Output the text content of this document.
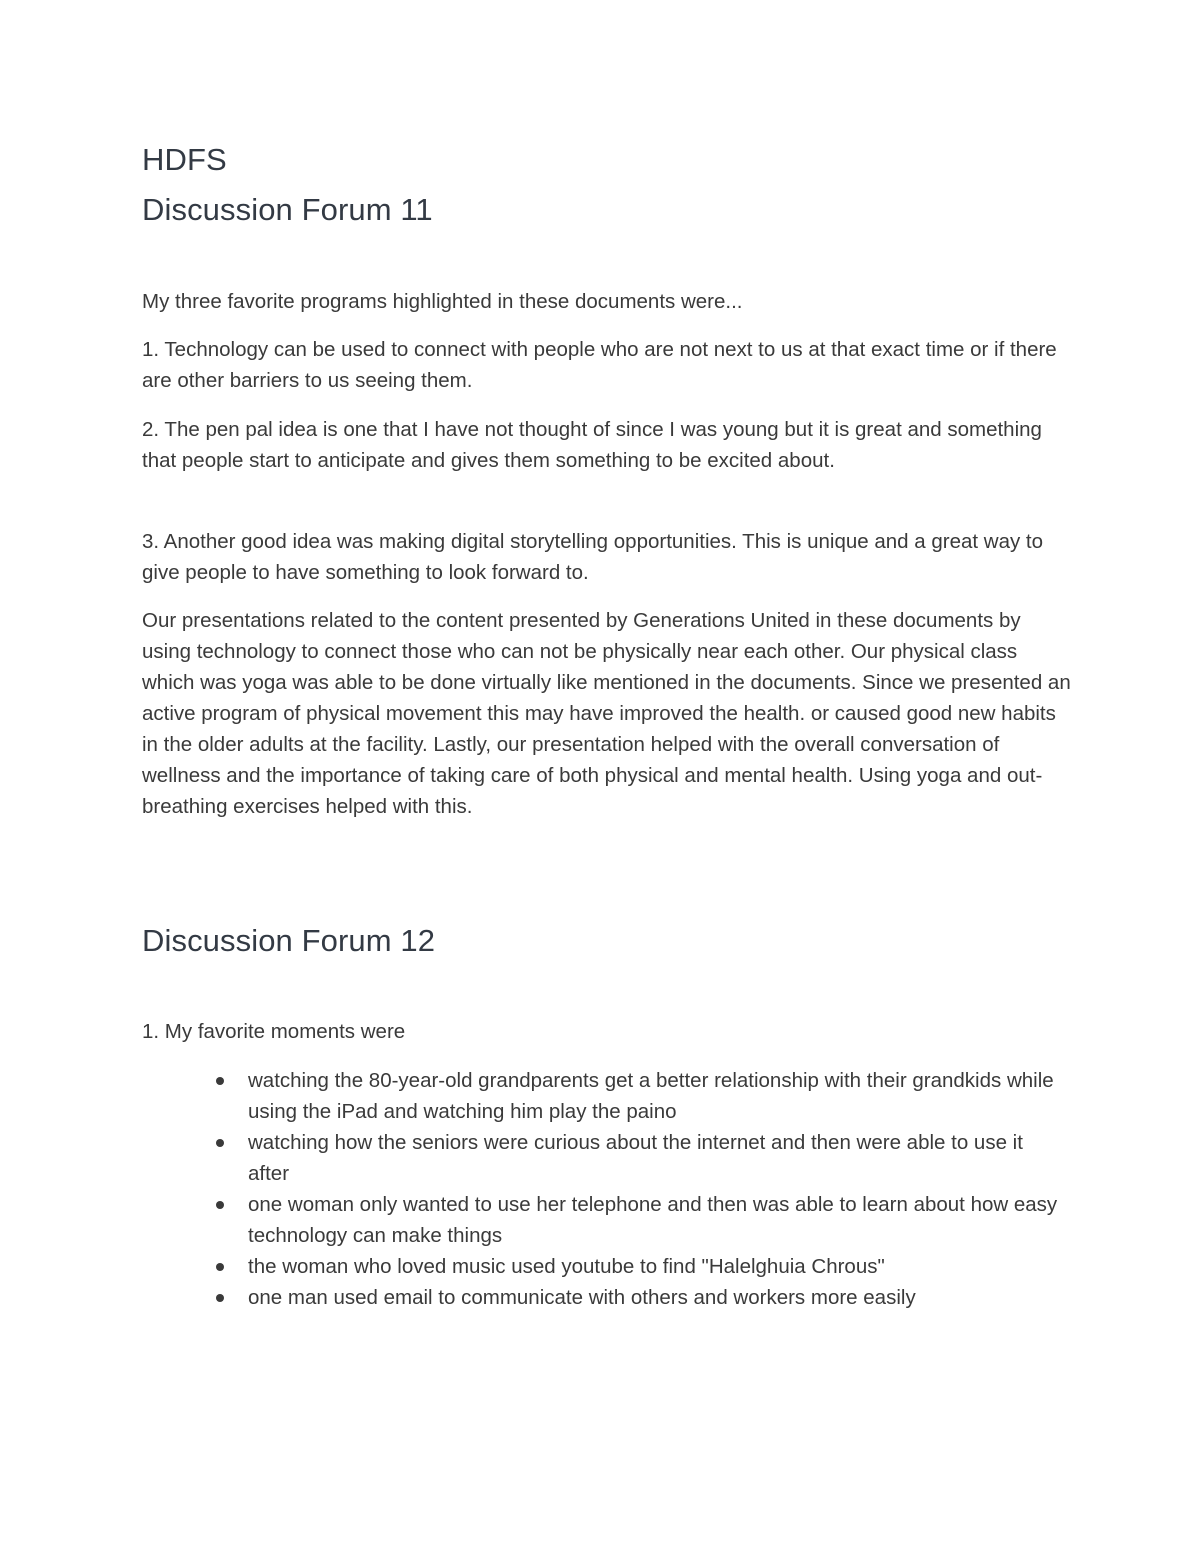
HDFS
Discussion Forum 11

My three favorite programs highlighted in these documents were...

1. Technology can be used to connect with people who are not next to us at that exact time or if there are other barriers to us seeing them.

2. The pen pal idea is one that I have not thought of since I was young but it is great and something that people start to anticipate and gives them something to be excited about.

3. Another good idea was making digital storytelling opportunities. This is unique and a great way to give people to have something to look forward to.

Our presentations related to the content presented by Generations United in these documents by using technology to connect those who can not be physically near each other. Our physical class which was yoga was able to be done virtually like mentioned in the documents. Since we presented an active program of physical movement this may have improved the health. or caused good new habits in the older adults at the facility. Lastly, our presentation helped with the overall conversation of wellness and the importance of taking care of both physical and mental health. Using yoga and out-breathing exercises helped with this.

Discussion Forum 12

1. My favorite moments were

watching the 80-year-old grandparents get a better relationship with their grandkids while using the iPad and watching him play the paino
watching how the seniors were curious about the internet and then were able to use it after
one woman only wanted to use her telephone and then was able to learn about how easy technology can make things
the woman who loved music used youtube to find "Halelghuia Chrous"
one man used email to communicate with others and workers more easily
